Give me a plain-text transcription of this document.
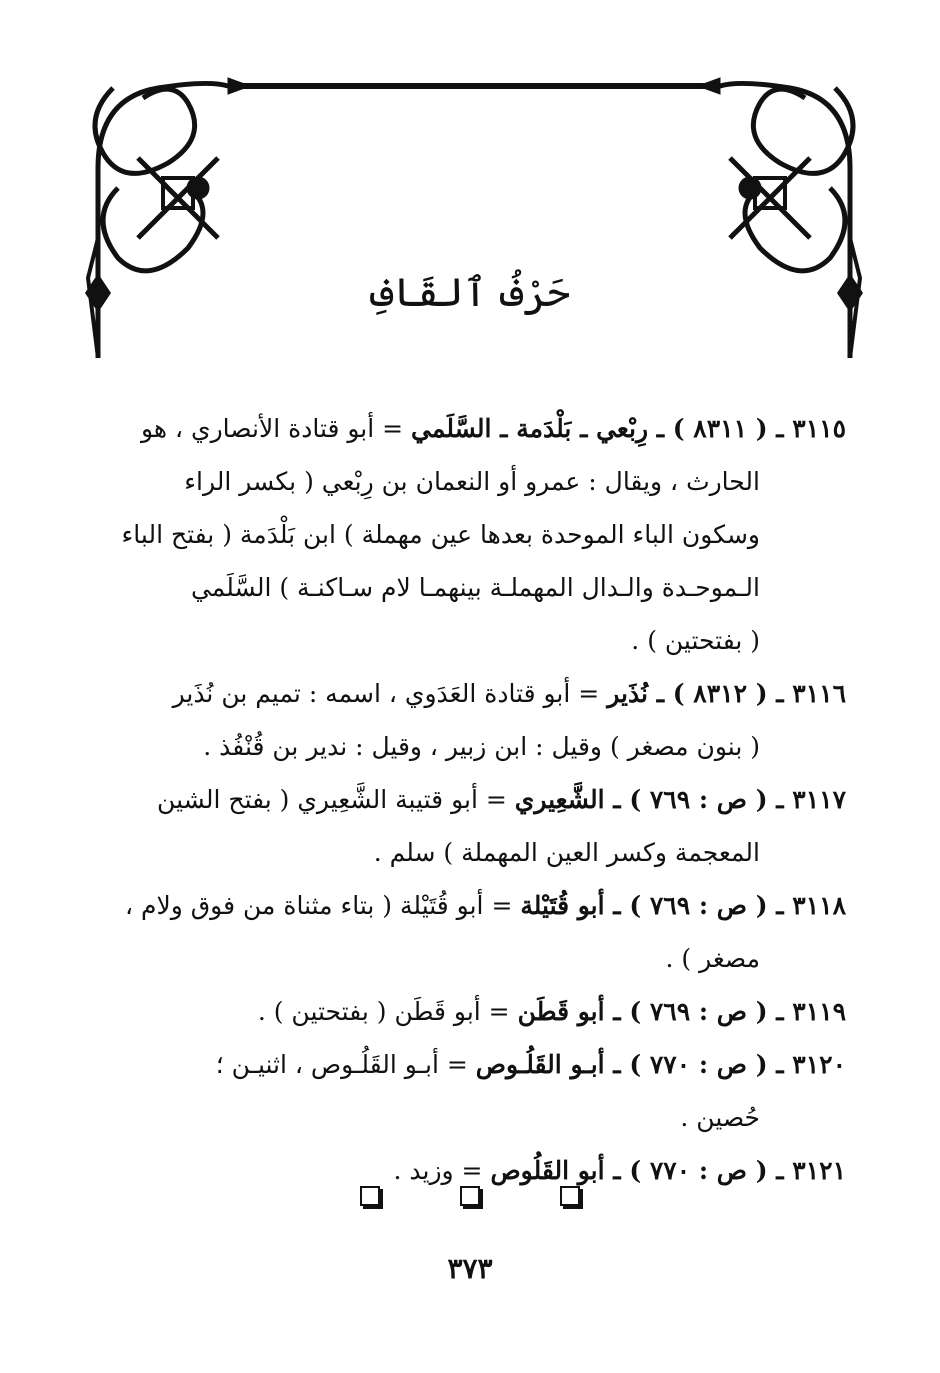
حَرْفُ ٱلقَافِ
٣١١٥ ـ ( ٨٣١١ ) ـ رِبْعي ـ بَلْدَمة ـ السَّلَمي = أبو قتادة الأنصاري ، هو
الحارث ، ويقال : عمرو أو النعمان بن رِبْعي ( بكسر الراء
وسكون الباء الموحدة بعدها عين مهملة ) ابن بَلْدَمة ( بفتح الباء
الـموحـدة والـدال المهملـة بينهمـا لام سـاكنـة ) السَّلَمي
( بفتحتين ) .
٣١١٦ ـ ( ٨٣١٢ ) ـ نُذَير = أبو قتادة العَدَوي ، اسمه : تميم بن نُذَير
( بنون مصغر ) وقيل : ابن زبير ، وقيل : ندير بن قُنْفُذ .
٣١١٧ ـ ( ص : ٧٦٩ ) ـ الشَّعِيري = أبو قتيبة الشَّعِيري ( بفتح الشين
المعجمة وكسر العين المهملة ) سلم .
٣١١٨ ـ ( ص : ٧٦٩ ) ـ أبو قُتَيْلة = أبو قُتَيْلة ( بتاء مثناة من فوق ولام ،
مصغر ) .
٣١١٩ ـ ( ص : ٧٦٩ ) ـ أبو قَطَن = أبو قَطَن ( بفتحتين ) .
٣١٢٠ ـ ( ص : ٧٧٠ ) ـ أبـو القَلُـوص = أبـو القَلُـوص ، اثنيـن ؛
حُصين .
٣١٢١ ـ ( ص : ٧٧٠ ) ـ أبو القَلُوص = وزيد .
٣٧٣
